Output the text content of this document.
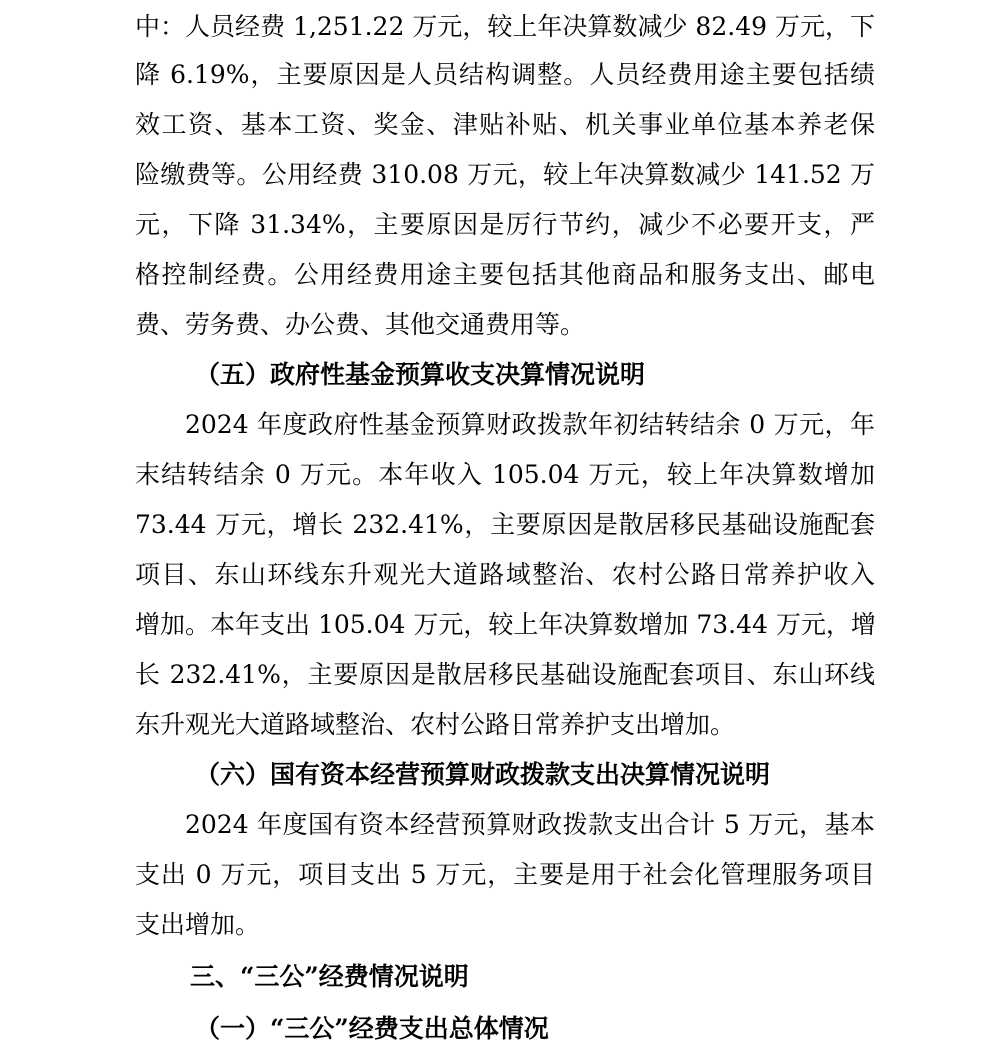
中：人员经费 1,251.22 万元，较上年决算数减少 82.49 万元，下
降 6.19%，主要原因是人员结构调整。人员经费用途主要包括绩
效工资、基本工资、奖金、津贴补贴、机关事业单位基本养老保
险缴费等。公用经费 310.08 万元，较上年决算数减少 141.52 万
元，下降 31.34%，主要原因是厉行节约，减少不必要开支，严
格控制经费。公用经费用途主要包括其他商品和服务支出、邮电
费、劳务费、办公费、其他交通费用等。
（五）政府性基金预算收支决算情况说明
2024 年度政府性基金预算财政拨款年初结转结余 0 万元，年
末结转结余 0 万元。本年收入 105.04 万元，较上年决算数增加
73.44 万元，增长 232.41%，主要原因是散居移民基础设施配套
项目、东山环线东升观光大道路域整治、农村公路日常养护收入
增加。本年支出 105.04 万元，较上年决算数增加 73.44 万元，增
长 232.41%，主要原因是散居移民基础设施配套项目、东山环线
东升观光大道路域整治、农村公路日常养护支出增加。
（六）国有资本经营预算财政拨款支出决算情况说明
2024 年度国有资本经营预算财政拨款支出合计 5 万元，基本
支出 0 万元，项目支出 5 万元，主要是用于社会化管理服务项目
支出增加。
三、“三公”经费情况说明
（一）“三公”经费支出总体情况
